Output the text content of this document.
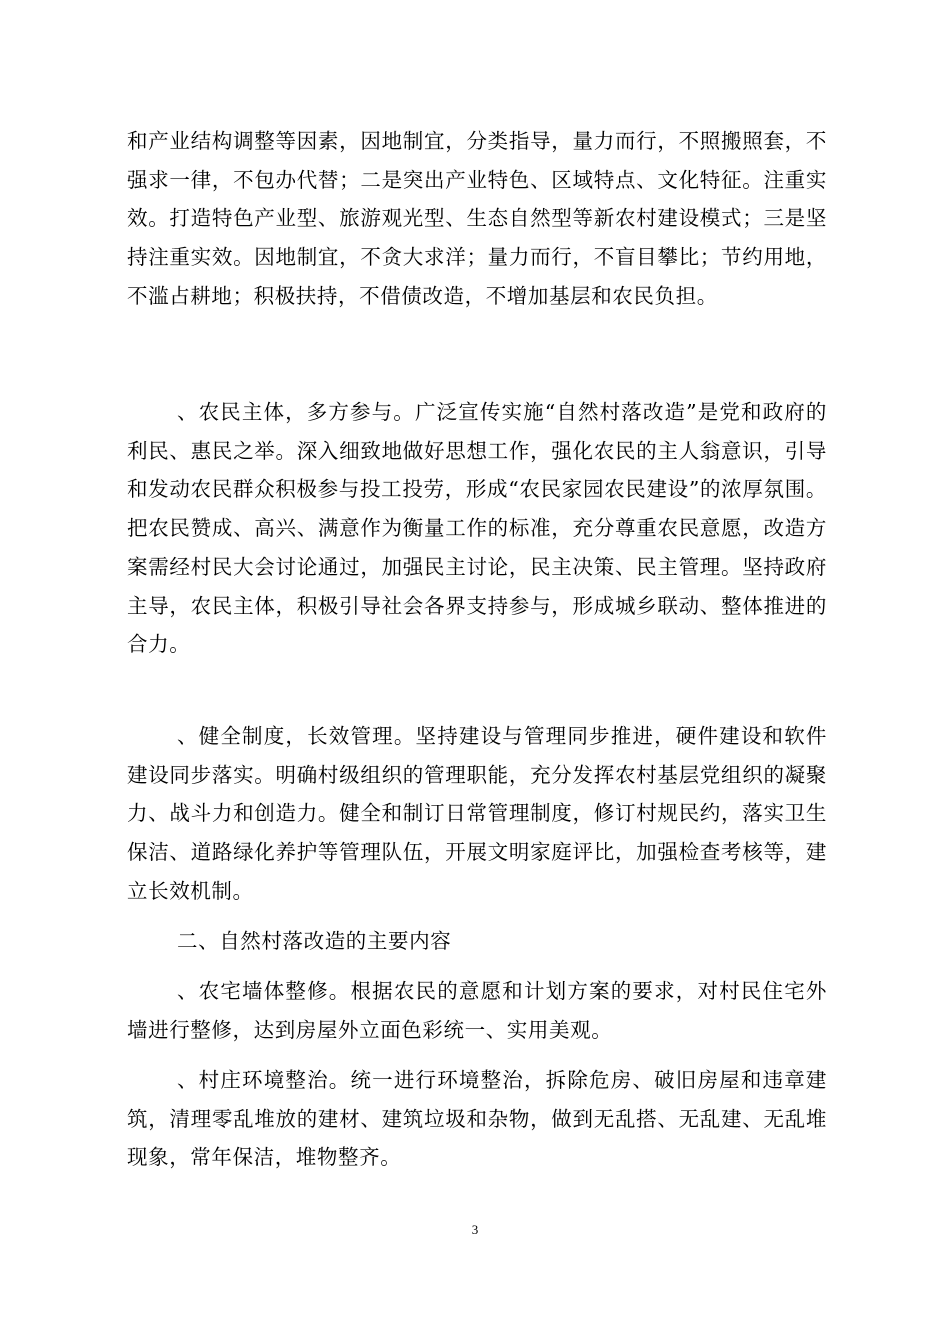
和产业结构调整等因素，因地制宜，分类指导，量力而行，不照搬照套，不强求一律，不包办代替；二是突出产业特色、区域特点、文化特征。注重实效。打造特色产业型、旅游观光型、生态自然型等新农村建设模式；三是坚持注重实效。因地制宜，不贪大求洋；量力而行，不盲目攀比；节约用地，不滥占耕地；积极扶持，不借债改造，不增加基层和农民负担。

、农民主体，多方参与。广泛宣传实施“自然村落改造”是党和政府的利民、惠民之举。深入细致地做好思想工作，强化农民的主人翁意识，引导和发动农民群众积极参与投工投劳，形成“农民家园农民建设”的浓厚氛围。把农民赞成、高兴、满意作为衡量工作的标准，充分尊重农民意愿，改造方案需经村民大会讨论通过，加强民主讨论，民主决策、民主管理。坚持政府主导，农民主体，积极引导社会各界支持参与，形成城乡联动、整体推进的合力。

、健全制度，长效管理。坚持建设与管理同步推进，硬件建设和软件建设同步落实。明确村级组织的管理职能，充分发挥农村基层党组织的凝聚力、战斗力和创造力。健全和制订日常管理制度，修订村规民约，落实卫生保洁、道路绿化养护等管理队伍，开展文明家庭评比，加强检查考核等，建立长效机制。

二、自然村落改造的主要内容

、农宅墙体整修。根据农民的意愿和计划方案的要求，对村民住宅外墙进行整修，达到房屋外立面色彩统一、实用美观。

、村庄环境整治。统一进行环境整治，拆除危房、破旧房屋和违章建筑，清理零乱堆放的建材、建筑垃圾和杂物，做到无乱搭、无乱建、无乱堆现象，常年保洁，堆物整齐。

3
